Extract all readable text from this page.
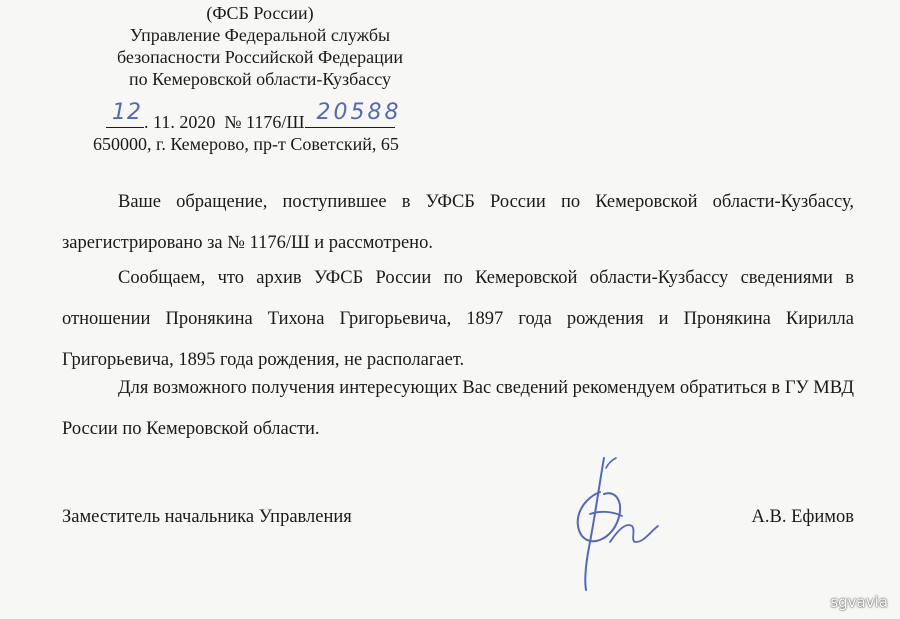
(ФСБ России)
Управление Федеральной службы
безопасности Российской Федерации
по Кемеровской области-Кузбассу
12 . 11. 2020 № 1176/Ш 20588
650000, г. Кемерово, пр-т Советский, 65
Ваше обращение, поступившее в УФСБ России по Кемеровской области-Кузбассу, зарегистрировано за № 1176/Ш и рассмотрено.
Сообщаем, что архив УФСБ России по Кемеровской области-Кузбассу сведениями в отношении Пронякина Тихона Григорьевича, 1897 года рождения и Пронякина Кирилла Григорьевича, 1895 года рождения, не располагает.
Для возможного получения интересующих Вас сведений рекомендуем обратиться в ГУ МВД России по Кемеровской области.
Заместитель начальника Управления	А.В. Ефимов
sgvavia
